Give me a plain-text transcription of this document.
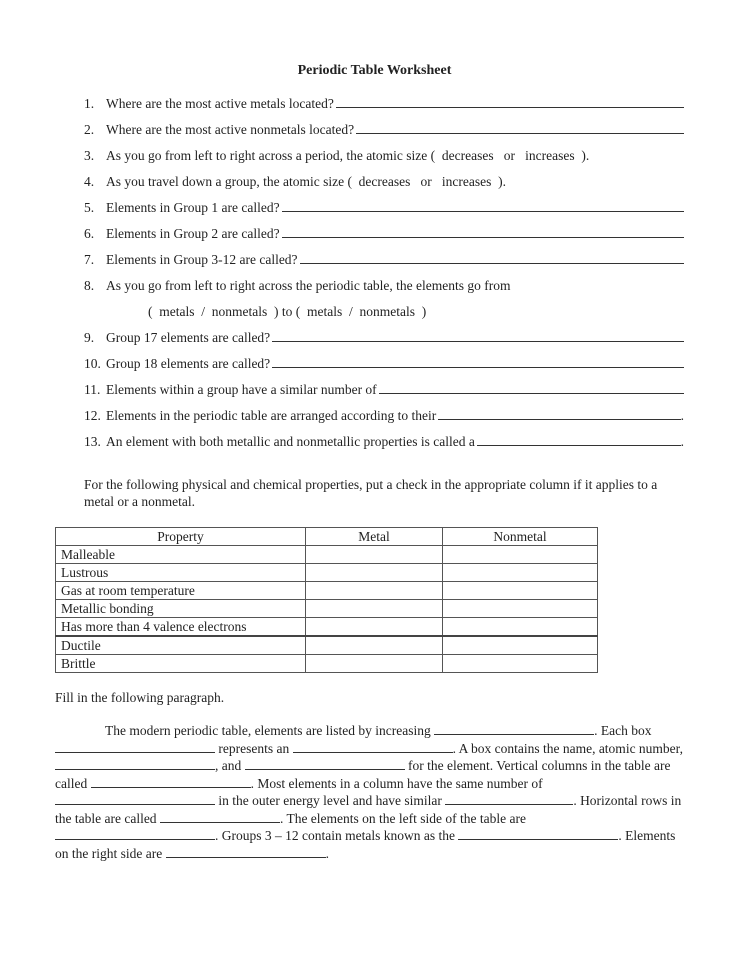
Periodic Table Worksheet
1. Where are the most active metals located?
2. Where are the most active nonmetals located?
3. As you go from left to right across a period, the atomic size (  decreases   or   increases  ).
4. As you travel down a group, the atomic size (  decreases   or   increases  ).
5. Elements in Group 1 are called?
6. Elements in Group 2 are called?
7. Elements in Group 3-12 are called?
8. As you go from left to right across the periodic table, the elements go from
(  metals  /  nonmetals  ) to (  metals  /  nonmetals  )
9. Group 17 elements are called?
10. Group 18 elements are called?
11. Elements within a group have a similar number of
12. Elements in the periodic table are arranged according to their	.
13. An element with both metallic and nonmetallic properties is called a	.
For the following physical and chemical properties, put a check in the appropriate column if it applies to a metal or a nonmetal.
Property	Metal	Nonmetal
Malleable		
Lustrous		
Gas at room temperature		
Metallic bonding		
Has more than 4 valence electrons		
Ductile		
Brittle		
Fill in the following paragraph.
The modern periodic table, elements are listed by increasing	. Each box  represents an	. A box contains the name, atomic number, , and	for the element. Vertical columns in the table are called	. Most elements in a column have the same number of  in the outer energy level and have similar	. Horizontal rows in the table are called	. The elements on the left side of the table are . Groups 3 – 12 contain metals known as the	. Elements on the right side are	.
